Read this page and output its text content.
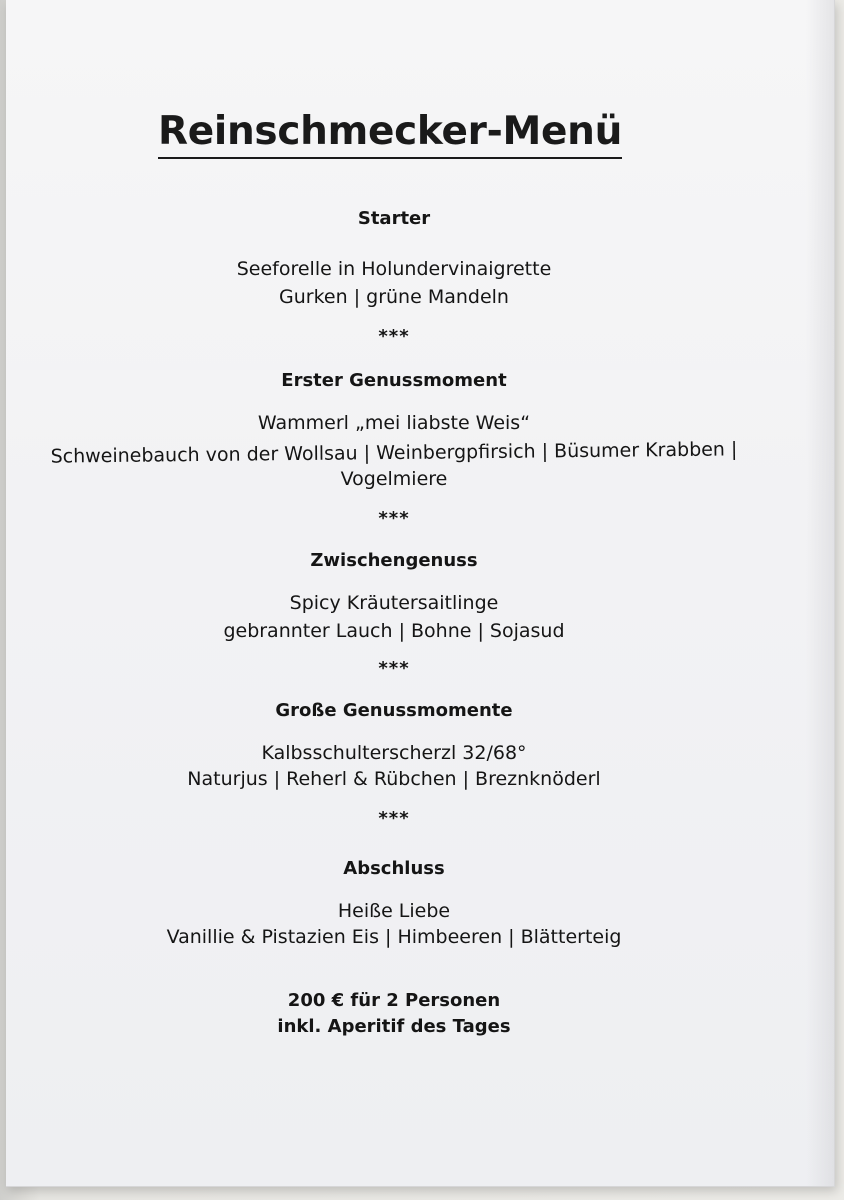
Reinschmecker-Menü
Starter
Seeforelle in Holundervinaigrette
Gurken | grüne Mandeln
***
Erster Genussmoment
Wammerl „mei liabste Weis“
Schweinebauch von der Wollsau | Weinbergpfirsich | Büsumer Krabben |
Vogelmiere
***
Zwischengenuss
Spicy Kräutersaitlinge
gebrannter Lauch | Bohne | Sojasud
***
Große Genussmomente
Kalbsschulterscherzl 32/68°
Naturjus | Reherl & Rübchen | Breznknöderl
***
Abschluss
Heiße Liebe
Vanillie & Pistazien Eis | Himbeeren | Blätterteig
200 € für 2 Personen
inkl. Aperitif des Tages
